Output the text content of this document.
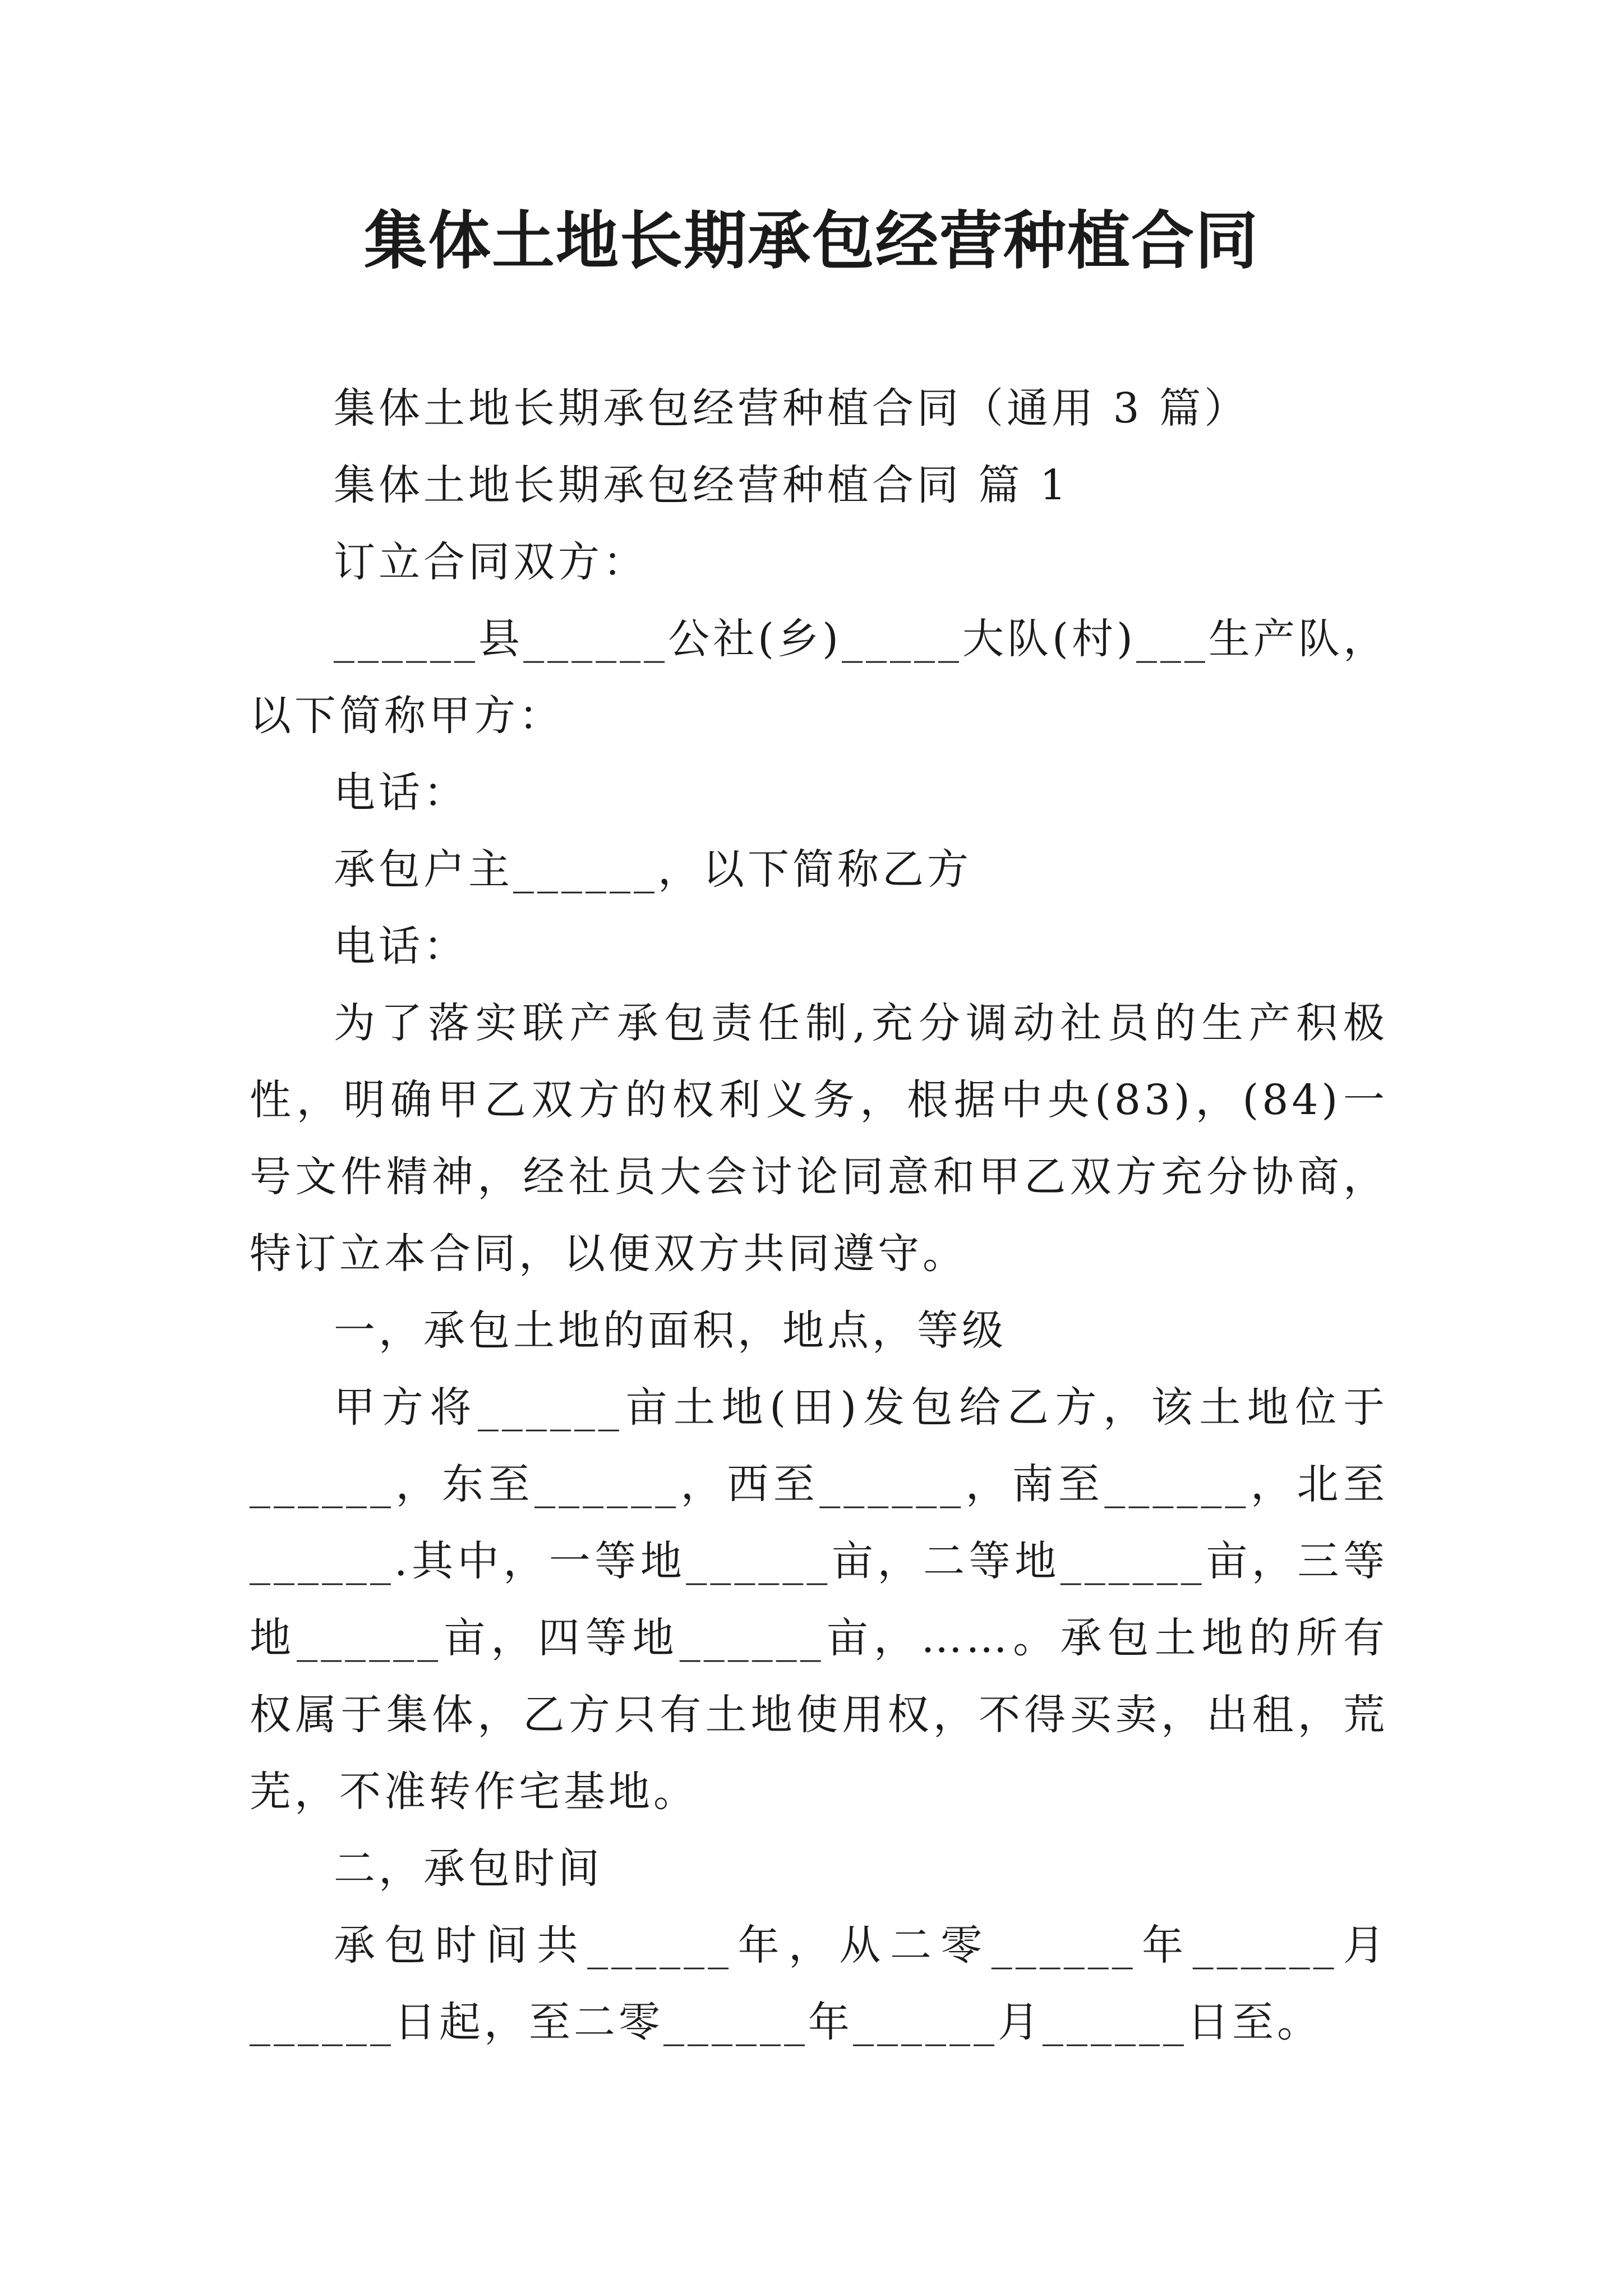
集体土地长期承包经营种植合同

集体土地长期承包经营种植合同（通用 3 篇）

集体土地长期承包经营种植合同 篇 1

订立合同双方：

______县______公社(乡)_____大队(村)___生产队，以下简称甲方：

电话：

承包户主______，以下简称乙方

电话：

为了落实联产承包责任制,充分调动社员的生产积极性，明确甲乙双方的权利义务，根据中央(83)，(84)一号文件精神，经社员大会讨论同意和甲乙双方充分协商，特订立本合同，以便双方共同遵守。

一，承包土地的面积，地点，等级

甲方将______亩土地(田)发包给乙方，该土地位于______，东至______，西至______，南至______，北至______.其中，一等地______亩，二等地______亩，三等地______亩，四等地______亩，……。承包土地的所有权属于集体，乙方只有土地使用权，不得买卖，出租，荒芜，不准转作宅基地。

二，承包时间

承包时间共______年，从二零______年______月______日起，至二零______年______月______日至。
